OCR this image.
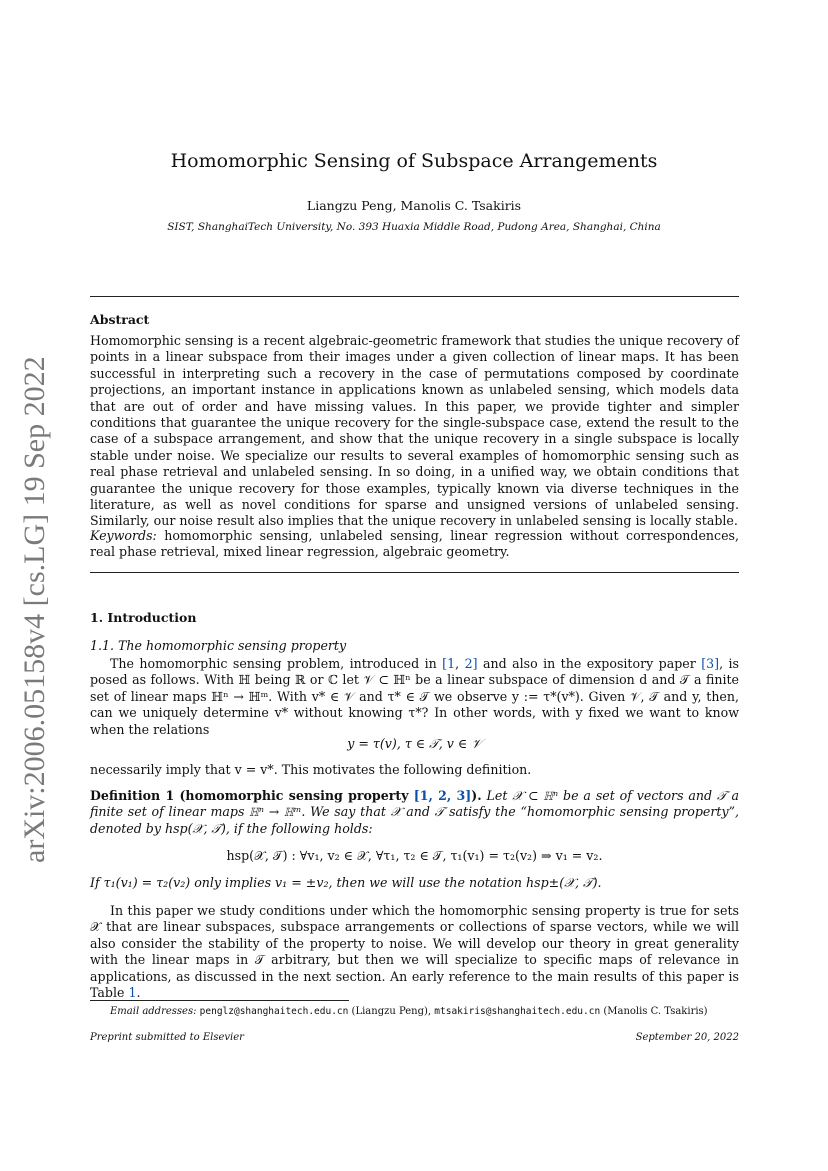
arXiv:2006.05158v4 [cs.LG] 19 Sep 2022
Homomorphic Sensing of Subspace Arrangements
Liangzu Peng, Manolis C. Tsakiris
SIST, ShanghaiTech University, No. 393 Huaxia Middle Road, Pudong Area, Shanghai, China
Abstract
Homomorphic sensing is a recent algebraic-geometric framework that studies the unique recovery of points in a linear subspace from their images under a given collection of linear maps. It has been successful in interpreting such a recovery in the case of permutations composed by coordinate projections, an important instance in applications known as unlabeled sensing, which models data that are out of order and have missing values. In this paper, we provide tighter and simpler conditions that guarantee the unique recovery for the single-subspace case, extend the result to the case of a subspace arrangement, and show that the unique recovery in a single subspace is locally stable under noise. We specialize our results to several examples of homomorphic sensing such as real phase retrieval and unlabeled sensing. In so doing, in a unified way, we obtain conditions that guarantee the unique recovery for those examples, typically known via diverse techniques in the literature, as well as novel conditions for sparse and unsigned versions of unlabeled sensing. Similarly, our noise result also implies that the unique recovery in unlabeled sensing is locally stable.
Keywords: homomorphic sensing, unlabeled sensing, linear regression without correspondences, real phase retrieval, mixed linear regression, algebraic geometry.
1. Introduction
1.1. The homomorphic sensing property
The homomorphic sensing problem, introduced in [1, 2] and also in the expository paper [3], is posed as follows. With ℍ being ℝ or ℂ let 𝒱 ⊂ ℍⁿ be a linear subspace of dimension d and 𝒯 a finite set of linear maps ℍⁿ → ℍᵐ. With v* ∈ 𝒱 and τ* ∈ 𝒯 we observe y := τ*(v*). Given 𝒱, 𝒯 and y, then, can we uniquely determine v* without knowing τ*? In other words, with y fixed we want to know when the relations
y = τ(v), τ ∈ 𝒯, v ∈ 𝒱
necessarily imply that v = v*. This motivates the following definition.
Definition 1 (homomorphic sensing property [1, 2, 3]). Let 𝒳 ⊂ ℍⁿ be a set of vectors and 𝒯 a finite set of linear maps ℍⁿ → ℍᵐ. We say that 𝒳 and 𝒯 satisfy the “homomorphic sensing property”, denoted by hsp(𝒳, 𝒯), if the following holds:
hsp(𝒳, 𝒯) : ∀v₁, v₂ ∈ 𝒳, ∀τ₁, τ₂ ∈ 𝒯, τ₁(v₁) = τ₂(v₂) ⇒ v₁ = v₂.
If τ₁(v₁) = τ₂(v₂) only implies v₁ = ±v₂, then we will use the notation hsp±(𝒳, 𝒯).
In this paper we study conditions under which the homomorphic sensing property is true for sets 𝒳 that are linear subspaces, subspace arrangements or collections of sparse vectors, while we will also consider the stability of the property to noise. We will develop our theory in great generality with the linear maps in 𝒯 arbitrary, but then we will specialize to specific maps of relevance in applications, as discussed in the next section. An early reference to the main results of this paper is Table 1.
Email addresses: penglz@shanghaitech.edu.cn (Liangzu Peng), mtsakiris@shanghaitech.edu.cn (Manolis C. Tsakiris)
Preprint submitted to Elsevier	September 20, 2022
